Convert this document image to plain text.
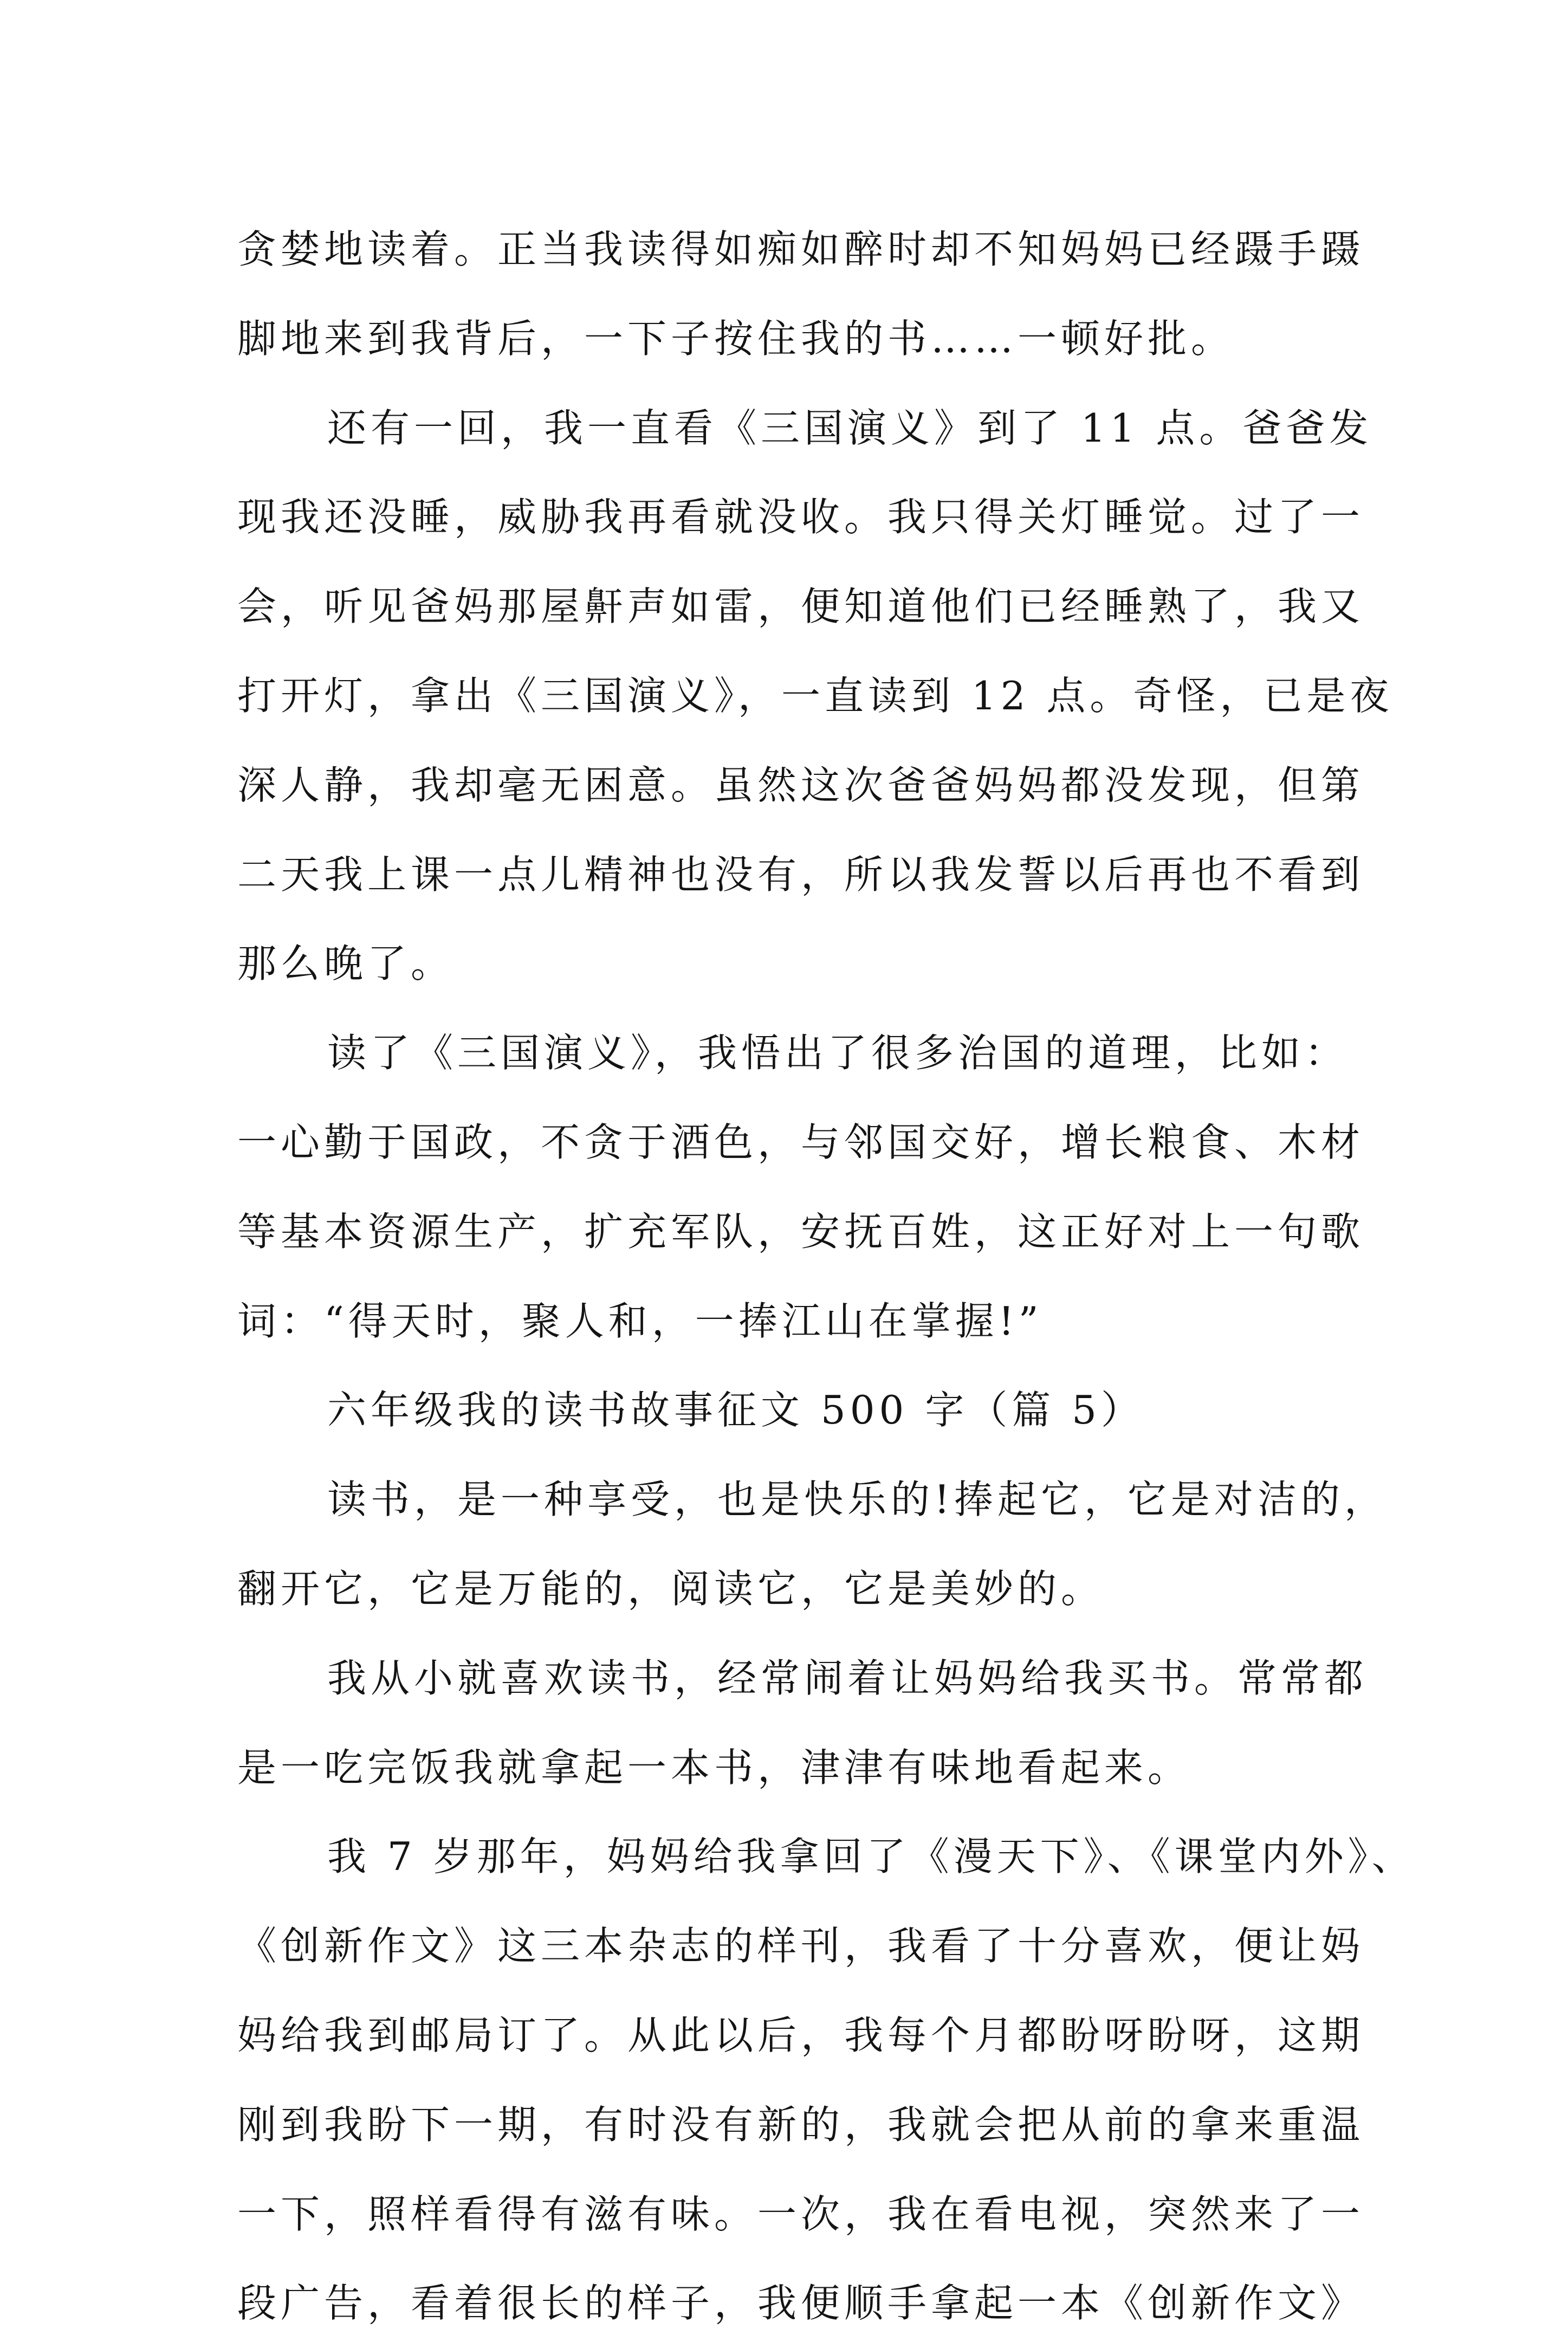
贪婪地读着。正当我读得如痴如醉时却不知妈妈已经蹑手蹑
脚地来到我背后，一下子按住我的书……一顿好批。
还有一回，我一直看《三国演义》到了 11 点。爸爸发
现我还没睡，威胁我再看就没收。我只得关灯睡觉。过了一
会，听见爸妈那屋鼾声如雷，便知道他们已经睡熟了，我又
打开灯，拿出《三国演义》，一直读到 12 点。奇怪，已是夜
深人静，我却毫无困意。虽然这次爸爸妈妈都没发现，但第
二天我上课一点儿精神也没有，所以我发誓以后再也不看到
那么晚了。
读了《三国演义》，我悟出了很多治国的道理，比如：
一心勤于国政，不贪于酒色，与邻国交好，增长粮食、木材
等基本资源生产，扩充军队，安抚百姓，这正好对上一句歌
词：“得天时，聚人和，一捧江山在掌握!”
六年级我的读书故事征文 500 字（篇 5）
读书，是一种享受，也是快乐的!捧起它，它是对洁的，
翻开它，它是万能的，阅读它，它是美妙的。
我从小就喜欢读书，经常闹着让妈妈给我买书。常常都
是一吃完饭我就拿起一本书，津津有味地看起来。
我 7 岁那年，妈妈给我拿回了《漫天下》、《课堂内外》、
《创新作文》这三本杂志的样刊，我看了十分喜欢，便让妈
妈给我到邮局订了。从此以后，我每个月都盼呀盼呀，这期
刚到我盼下一期，有时没有新的，我就会把从前的拿来重温
一下，照样看得有滋有味。一次，我在看电视，突然来了一
段广告，看着很长的样子，我便顺手拿起一本《创新作文》
